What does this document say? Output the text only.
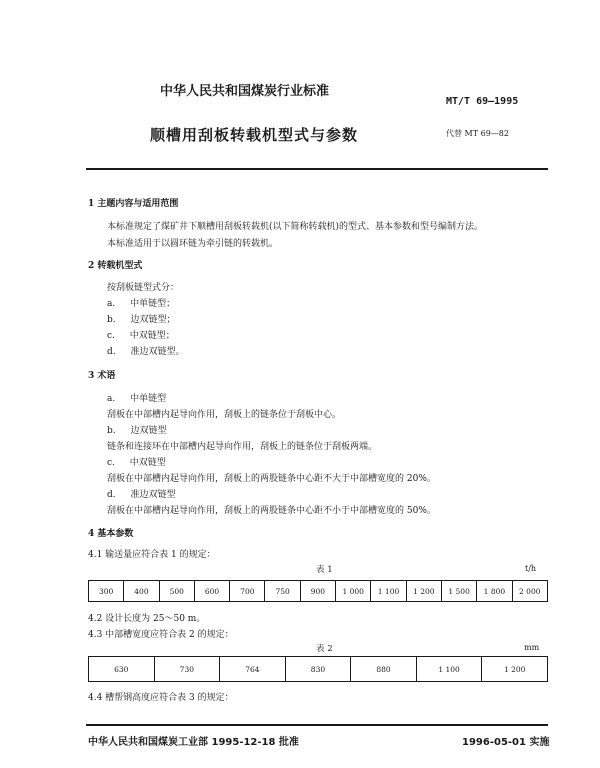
中华人民共和国煤炭行业标准
MT/T 69—1995
顺槽用刮板转载机型式与参数	代替 MT 69—82
1 主题内容与适用范围
本标准规定了煤矿井下顺槽用刮板转载机(以下简称转载机)的型式、基本参数和型号编制方法。
本标准适用于以圆环链为牵引链的转载机。
2 转载机型式
按刮板链型式分：
a. 中单链型；
b. 边双链型；
c. 中双链型；
d. 准边双链型。
3 术语
a. 中单链型
刮板在中部槽内起导向作用，刮板上的链条位于刮板中心。
b. 边双链型
链条和连接环在中部槽内起导向作用，刮板上的链条位于刮板两端。
c. 中双链型
刮板在中部槽内起导向作用，刮板上的两股链条中心距不大于中部槽宽度的 20%。
d. 准边双链型
刮板在中部槽内起导向作用，刮板上的两股链条中心距不小于中部槽宽度的 50%。
4 基本参数
4.1 输送量应符合表 1 的规定：
表 1	t/h
300	400	500	600	700	750	900	1 000	1 100	1 200	1 500	1 800	2 000
4.2 设计长度为 25～50 m。
4.3 中部槽宽度应符合表 2 的规定：
表 2	mm
630	730	764	830	880	1 100	1 200
4.4 槽帮钢高度应符合表 3 的规定：
中华人民共和国煤炭工业部 1995-12-18 批准	1996-05-01 实施
